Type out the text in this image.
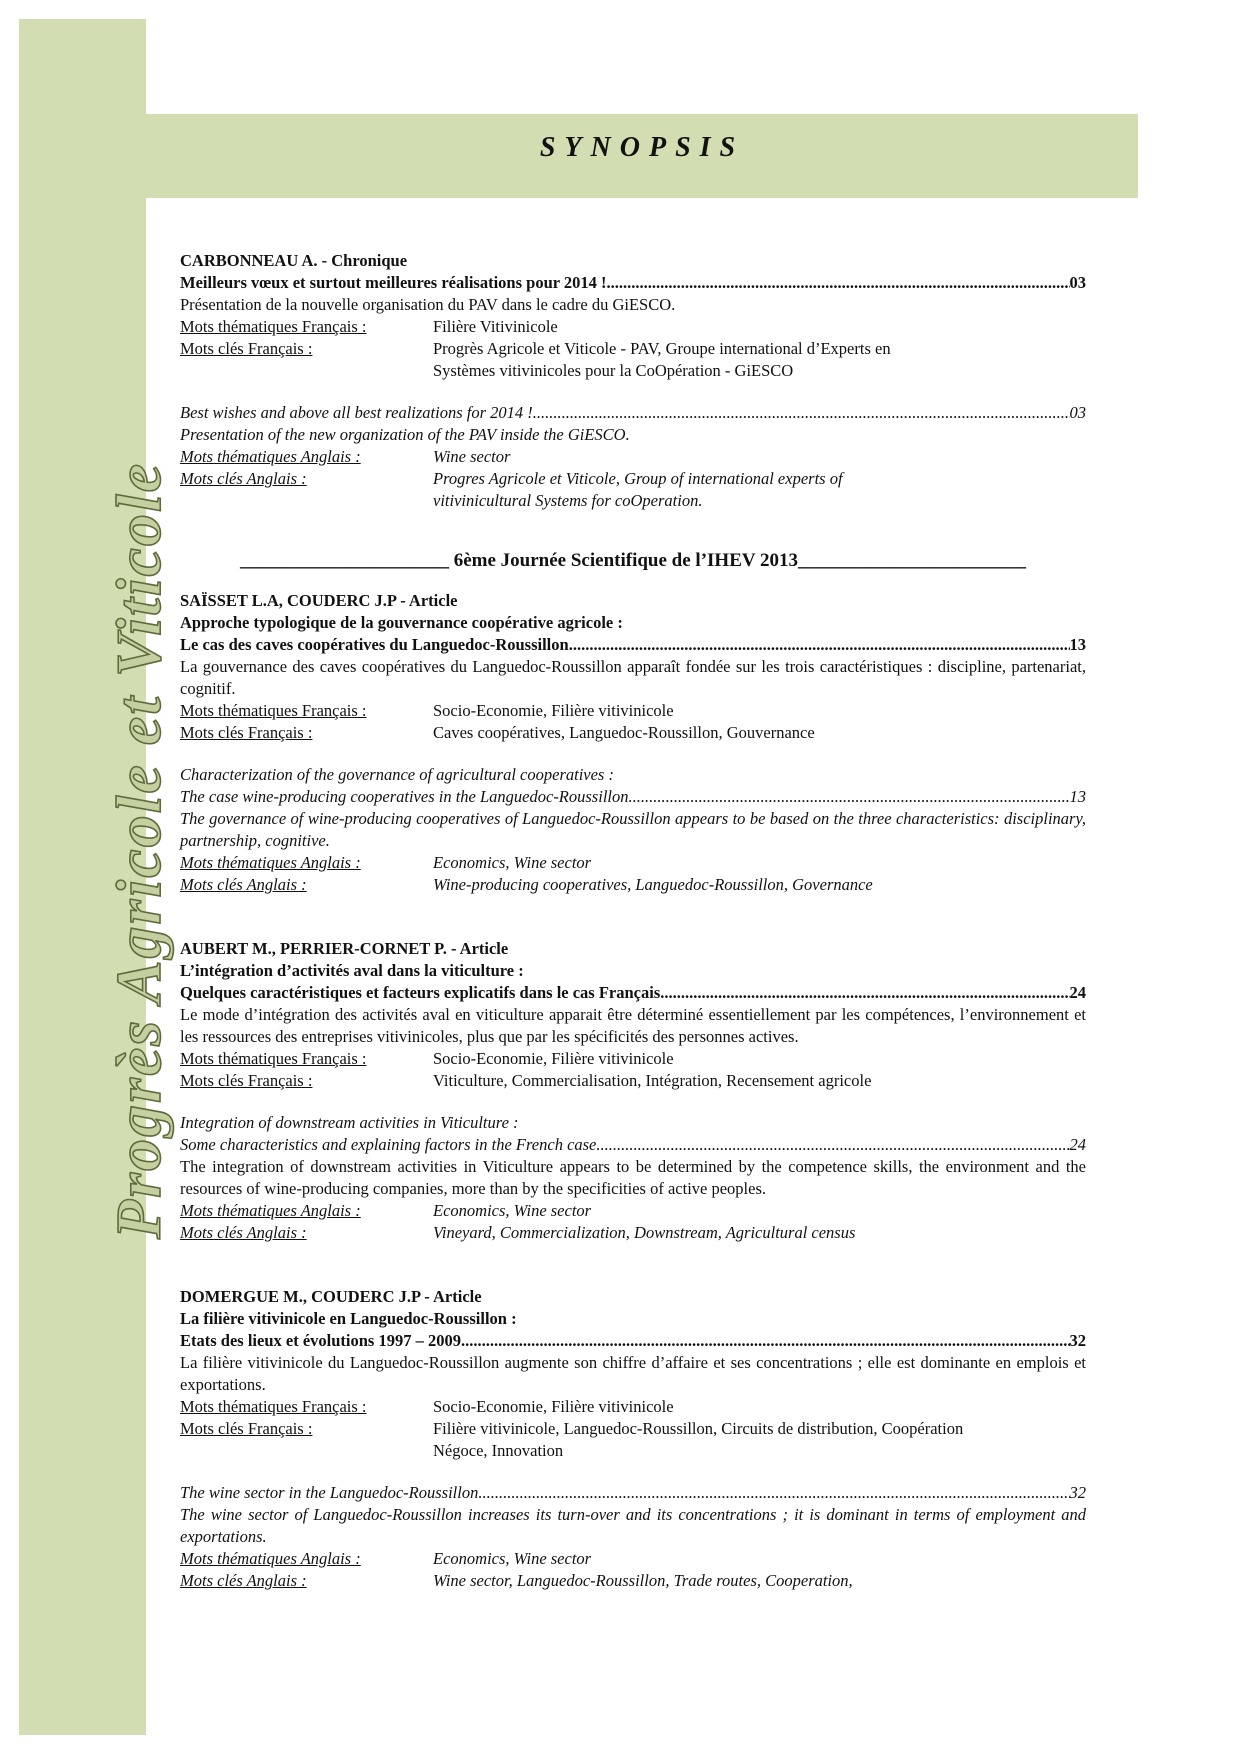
Progrès Agricole et Viticole
SYNOPSIS
CARBONNEAU A. - Chronique
Meilleurs vœux et surtout meilleures réalisations pour 2014 ! .....	03
Présentation de la nouvelle organisation du PAV dans le cadre du GiESCO.
Mots thématiques Français :	Filière Vitivinicole
Mots clés Français :	Progrès Agricole et Viticole - PAV, Groupe international d’Experts en
Systèmes vitivinicoles pour la CoOpération - GiESCO
Best wishes and above all best realizations for 2014 ! .....	03
Presentation of the new organization of the PAV inside the GiESCO.
Mots thématiques Anglais :	Wine sector
Mots clés Anglais :	Progres Agricole et Viticole, Group of international experts of
vitivinicultural Systems for coOperation.
______________________ 6ème Journée Scientifique de l’IHEV 2013________________________
SAÏSSET L.A, COUDERC J.P - Article
Approche typologique de la gouvernance coopérative agricole :
Le cas des caves coopératives du Languedoc-Roussillon .....	13
La gouvernance des caves coopératives du Languedoc-Roussillon apparaît fondée sur les trois caractéristiques : discipline, partenariat, cognitif.
Mots thématiques Français :	Socio-Economie, Filière vitivinicole
Mots clés Français :	Caves coopératives, Languedoc-Roussillon, Gouvernance
Characterization of the governance of agricultural cooperatives :
The case wine-producing cooperatives in the Languedoc-Roussillon .....	13
The governance of wine-producing cooperatives of Languedoc-Roussillon appears to be based on the three characteristics: disciplinary, partnership, cognitive.
Mots thématiques Anglais :	Economics, Wine sector
Mots clés Anglais :	Wine-producing cooperatives, Languedoc-Roussillon, Governance
AUBERT M., PERRIER-CORNET P. - Article
L’intégration d’activités aval dans la viticulture :
Quelques caractéristiques et facteurs explicatifs dans le cas Français .....	24
Le mode d’intégration des activités aval en viticulture apparait être déterminé essentiellement par les compétences, l’environnement et les ressources des entreprises vitivinicoles, plus que par les spécificités des personnes actives.
Mots thématiques Français :	Socio-Economie, Filière vitivinicole
Mots clés Français :	Viticulture, Commercialisation, Intégration, Recensement agricole
Integration of downstream activities in Viticulture :
Some characteristics and explaining factors in the French case .....	24
The integration of downstream activities in Viticulture appears to be determined by the competence skills, the environment and the resources of wine-producing companies, more than by the specificities of active peoples.
Mots thématiques Anglais :	Economics, Wine sector
Mots clés Anglais :	Vineyard, Commercialization, Downstream, Agricultural census
DOMERGUE M., COUDERC J.P - Article
La filière vitivinicole en Languedoc-Roussillon :
Etats des lieux et évolutions 1997 – 2009 .....	32
La filière vitivinicole du Languedoc-Roussillon augmente son chiffre d’affaire et ses concentrations ; elle est dominante en emplois et exportations.
Mots thématiques Français :	Socio-Economie, Filière vitivinicole
Mots clés Français :	Filière vitivinicole, Languedoc-Roussillon, Circuits de distribution, Coopération
Négoce, Innovation
The wine sector in the Languedoc-Roussillon .....	32
The wine sector of Languedoc-Roussillon increases its turn-over and its concentrations ; it is dominant in terms of employment and exportations.
Mots thématiques Anglais :	Economics, Wine sector
Mots clés Anglais :	Wine sector, Languedoc-Roussillon, Trade routes, Cooperation,
